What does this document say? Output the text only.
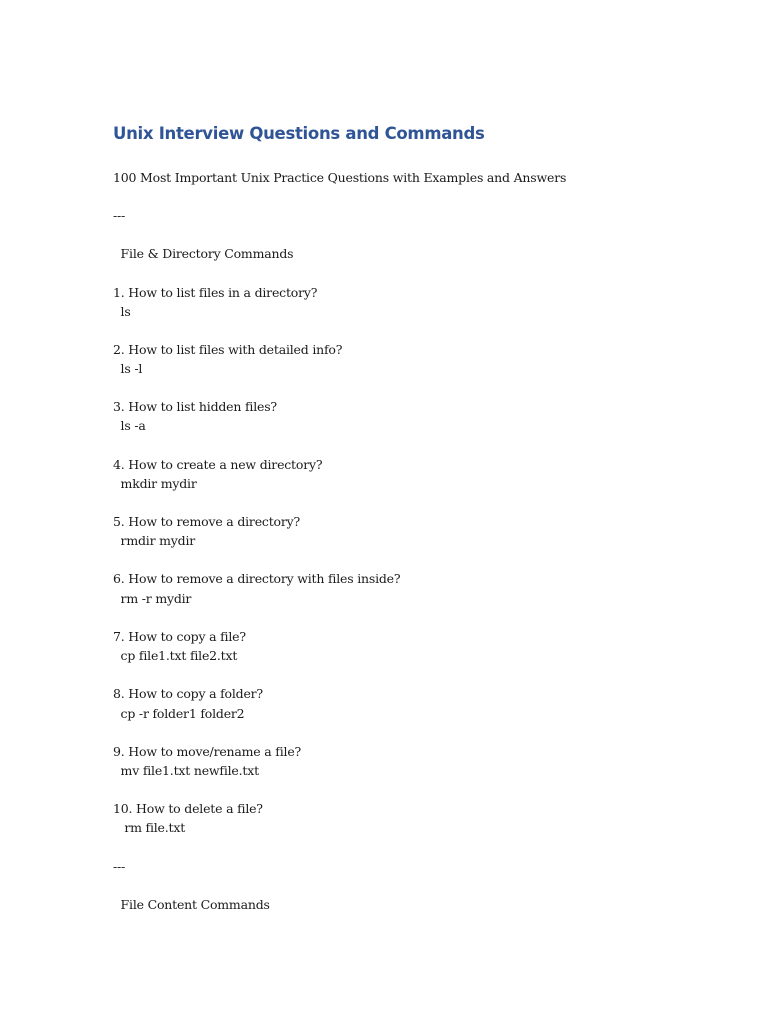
Unix Interview Questions and Commands
100 Most Important Unix Practice Questions with Examples and Answers
---
File & Directory Commands
1. How to list files in a directory?
ls
2. How to list files with detailed info?
ls -l
3. How to list hidden files?
ls -a
4. How to create a new directory?
mkdir mydir
5. How to remove a directory?
rmdir mydir
6. How to remove a directory with files inside?
rm -r mydir
7. How to copy a file?
cp file1.txt file2.txt
8. How to copy a folder?
cp -r folder1 folder2
9. How to move/rename a file?
mv file1.txt newfile.txt
10. How to delete a file?
rm file.txt
---
File Content Commands
